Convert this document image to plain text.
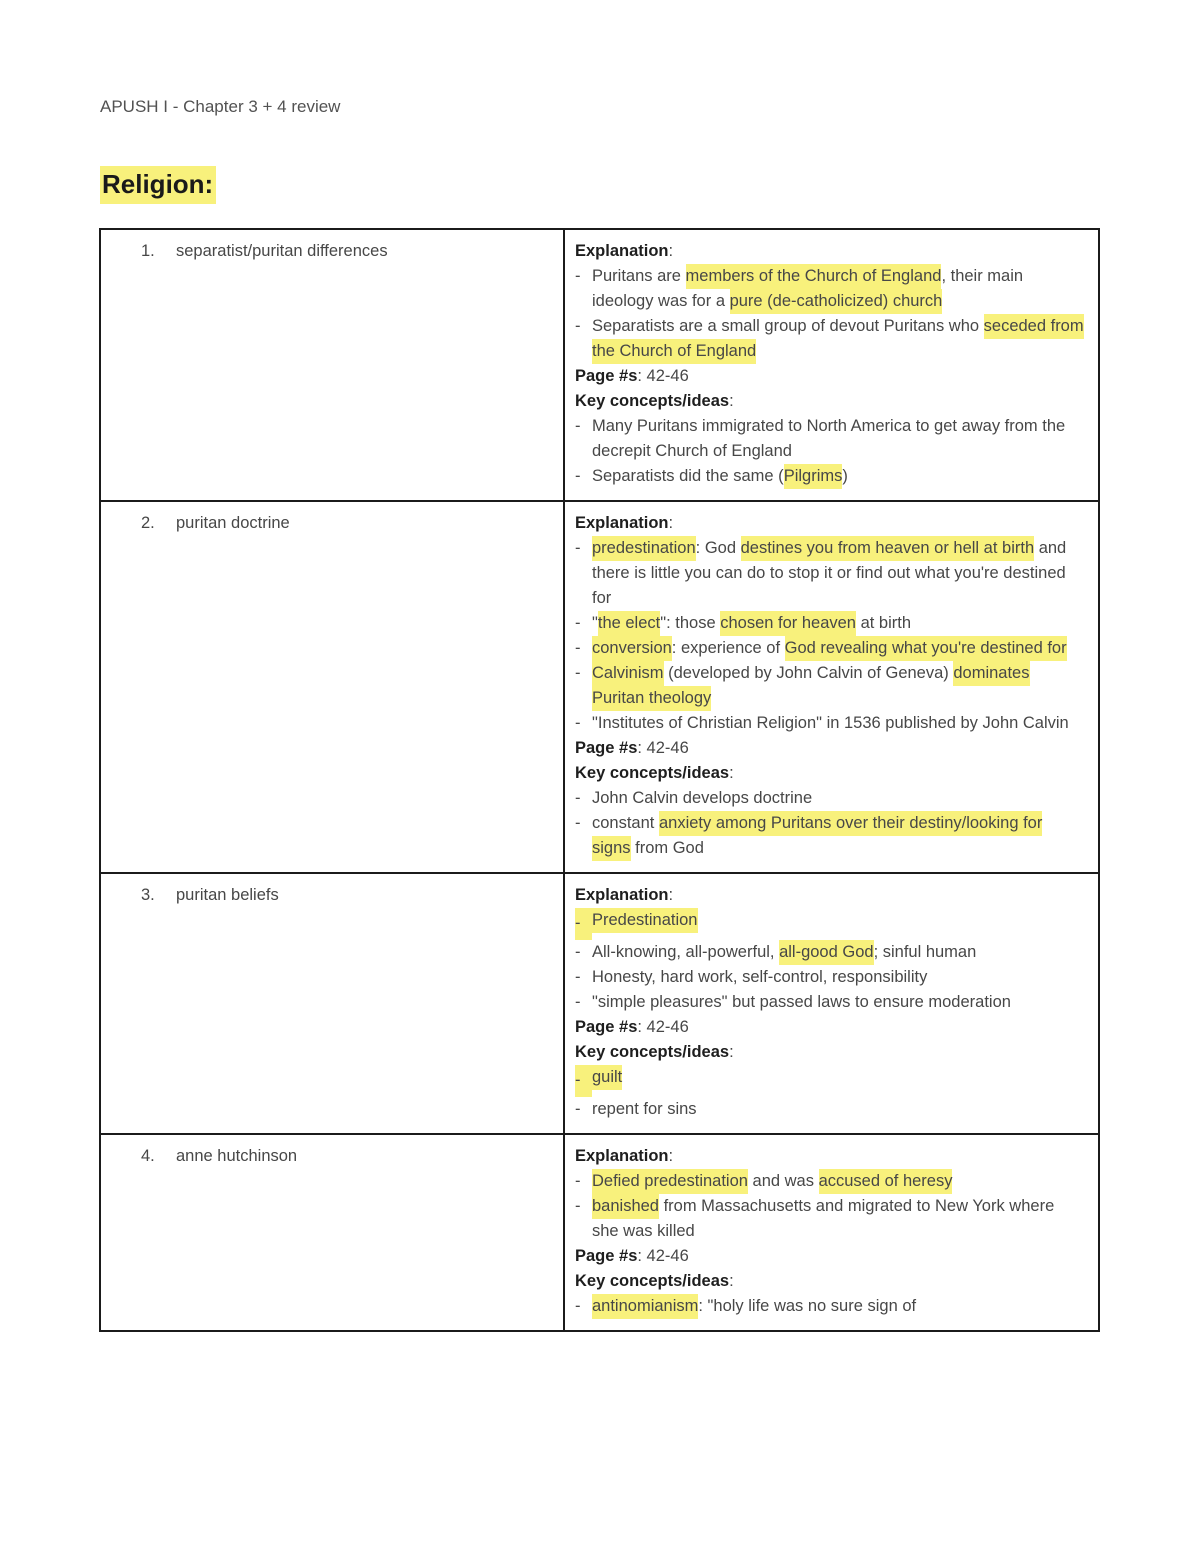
APUSH I - Chapter 3 + 4 review
Religion:
1.	separatist/puritan differences	Explanation:
- Puritans are members of the Church of England, their main ideology was for a pure (de-catholicized) church
- Separatists are a small group of devout Puritans who seceded from the Church of England
Page #s: 42-46
Key concepts/ideas:
- Many Puritans immigrated to North America to get away from the decrepit Church of England
- Separatists did the same (Pilgrims)

2.	puritan doctrine	Explanation:
- predestination: God destines you from heaven or hell at birth and there is little you can do to stop it or find out what you're destined for
- "the elect": those chosen for heaven at birth
- conversion: experience of God revealing what you're destined for
- Calvinism (developed by John Calvin of Geneva) dominates Puritan theology
- "Institutes of Christian Religion" in 1536 published by John Calvin
Page #s: 42-46
Key concepts/ideas:
- John Calvin develops doctrine
- constant anxiety among Puritans over their destiny/looking for signs from God

3.	puritan beliefs	Explanation:
- Predestination
- All-knowing, all-powerful, all-good God; sinful human
- Honesty, hard work, self-control, responsibility
- "simple pleasures" but passed laws to ensure moderation
Page #s: 42-46
Key concepts/ideas:
- guilt
- repent for sins

4.	anne hutchinson	Explanation:
- Defied predestination and was accused of heresy
- banished from Massachusetts and migrated to New York where she was killed
Page #s: 42-46
Key concepts/ideas:
- antinomianism: "holy life was no sure sign of
